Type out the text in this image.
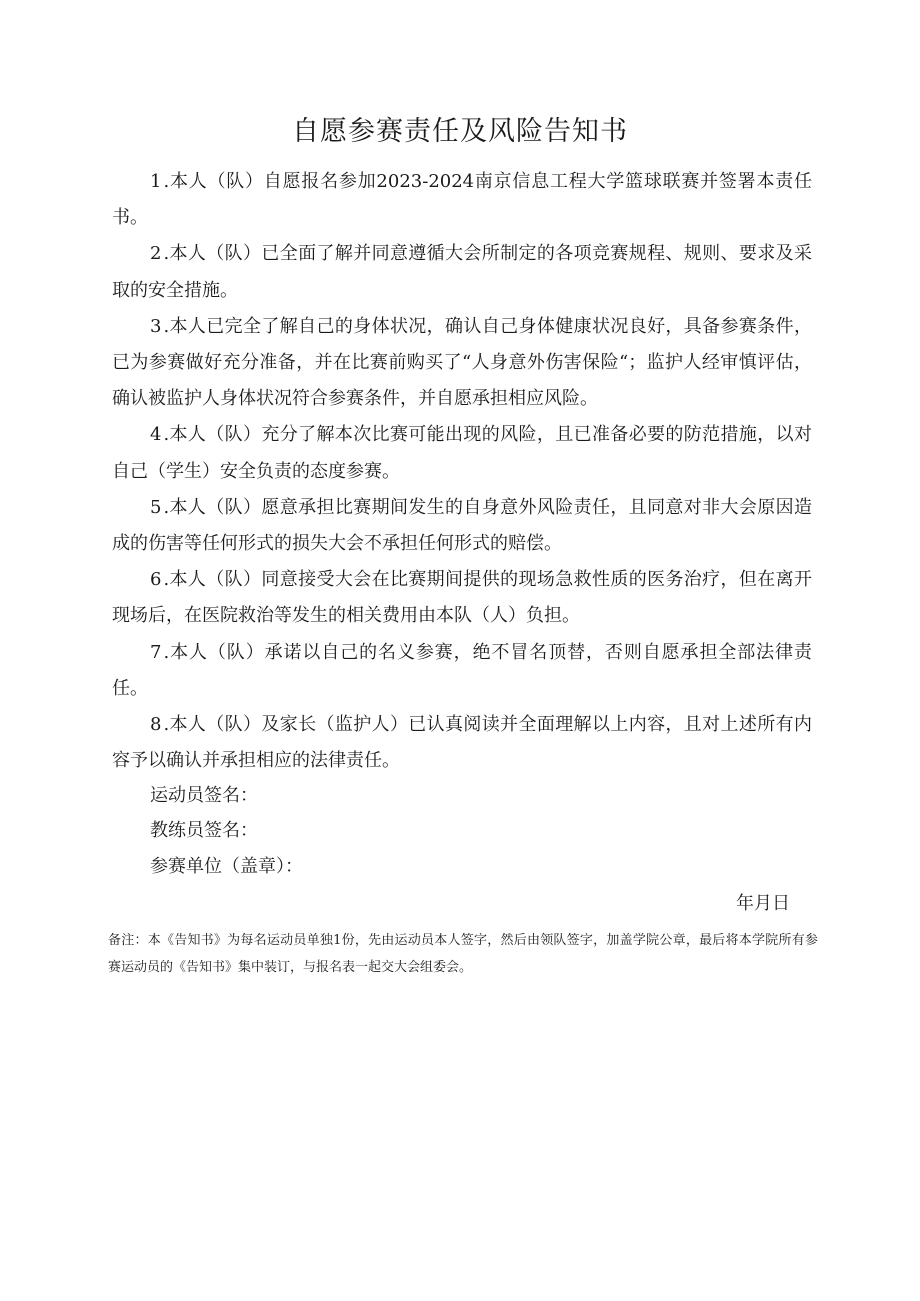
自愿参赛责任及风险告知书

1 .本人（队）自愿报名参加2023-2024南京信息工程大学篮球联赛并签署本责任书。

2 .本人（队）已全面了解并同意遵循大会所制定的各项竞赛规程、规则、要求及采取的安全措施。

3 .本人已完全了解自己的身体状况，确认自己身体健康状况良好，具备参赛条件，已为参赛做好充分准备，并在比赛前购买了“人身意外伤害保险“；监护人经审慎评估，确认被监护人身体状况符合参赛条件，并自愿承担相应风险。

4 .本人（队）充分了解本次比赛可能出现的风险，且已准备必要的防范措施，以对自己（学生）安全负责的态度参赛。

5 .本人（队）愿意承担比赛期间发生的自身意外风险责任，且同意对非大会原因造成的伤害等任何形式的损失大会不承担任何形式的赔偿。

6 .本人（队）同意接受大会在比赛期间提供的现场急救性质的医务治疗，但在离开现场后，在医院救治等发生的相关费用由本队（人）负担。

7 .本人（队）承诺以自己的名义参赛，绝不冒名顶替，否则自愿承担全部法律责任。

8 .本人（队）及家长（监护人）已认真阅读并全面理解以上内容，且对上述所有内容予以确认并承担相应的法律责任。

运动员签名：
教练员签名：
参赛单位（盖章）：
年月日
备注：本《告知书》为每名运动员单独1份，先由运动员本人签字，然后由领队签字，加盖学院公章，最后将本学院所有参赛运动员的《告知书》集中装订，与报名表一起交大会组委会。
